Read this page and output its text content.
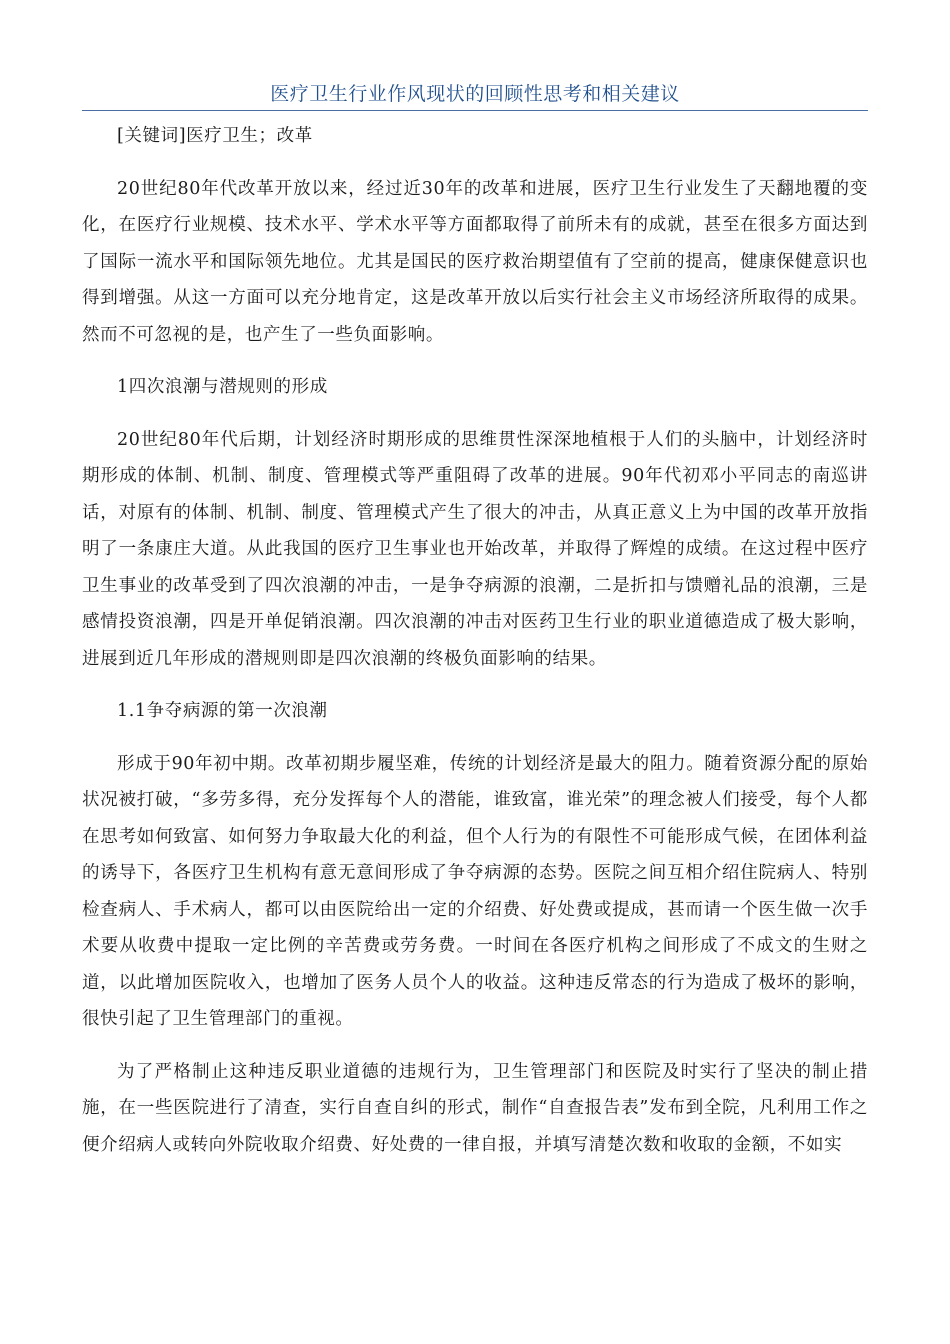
医疗卫生行业作风现状的回顾性思考和相关建议

[关键词]医疗卫生；改革

20世纪80年代改革开放以来，经过近30年的改革和进展，医疗卫生行业发生了天翻地覆的变化，在医疗行业规模、技术水平、学术水平等方面都取得了前所未有的成就，甚至在很多方面达到了国际一流水平和国际领先地位。尤其是国民的医疗救治期望值有了空前的提高，健康保健意识也得到增强。从这一方面可以充分地肯定，这是改革开放以后实行社会主义市场经济所取得的成果。然而不可忽视的是，也产生了一些负面影响。

1四次浪潮与潜规则的形成

20世纪80年代后期，计划经济时期形成的思维贯性深深地植根于人们的头脑中，计划经济时期形成的体制、机制、制度、管理模式等严重阻碍了改革的进展。90年代初邓小平同志的南巡讲话，对原有的体制、机制、制度、管理模式产生了很大的冲击，从真正意义上为中国的改革开放指明了一条康庄大道。从此我国的医疗卫生事业也开始改革，并取得了辉煌的成绩。在这过程中医疗卫生事业的改革受到了四次浪潮的冲击，一是争夺病源的浪潮，二是折扣与馈赠礼品的浪潮，三是感情投资浪潮，四是开单促销浪潮。四次浪潮的冲击对医药卫生行业的职业道德造成了极大影响，进展到近几年形成的潜规则即是四次浪潮的终极负面影响的结果。

1.1争夺病源的第一次浪潮

形成于90年初中期。改革初期步履坚难，传统的计划经济是最大的阻力。随着资源分配的原始状况被打破，“多劳多得，充分发挥每个人的潜能，谁致富，谁光荣”的理念被人们接受，每个人都在思考如何致富、如何努力争取最大化的利益，但个人行为的有限性不可能形成气候，在团体利益的诱导下，各医疗卫生机构有意无意间形成了争夺病源的态势。医院之间互相介绍住院病人、特别检查病人、手术病人，都可以由医院给出一定的介绍费、好处费或提成，甚而请一个医生做一次手术要从收费中提取一定比例的辛苦费或劳务费。一时间在各医疗机构之间形成了不成文的生财之道，以此增加医院收入，也增加了医务人员个人的收益。这种违反常态的行为造成了极坏的影响，很快引起了卫生管理部门的重视。

为了严格制止这种违反职业道德的违规行为，卫生管理部门和医院及时实行了坚决的制止措施，在一些医院进行了清查，实行自查自纠的形式，制作“自查报告表”发布到全院，凡利用工作之便介绍病人或转向外院收取介绍费、好处费的一律自报，并填写清楚次数和收取的金额，不如实
